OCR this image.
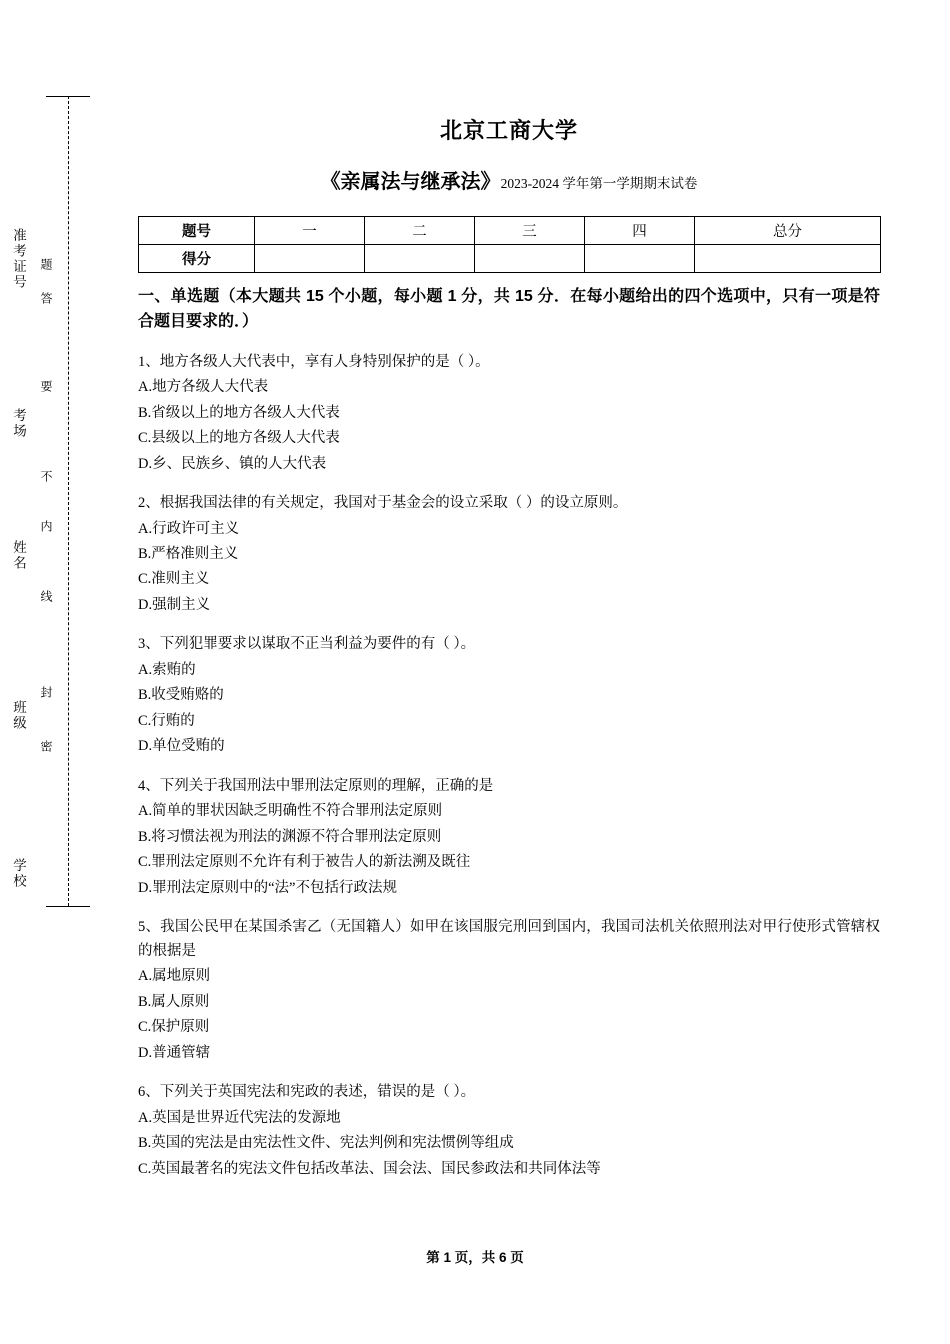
准考证号
考场
姓名
班级
学校
题
答
要
不
内
线
封
密
北京工商大学
《亲属法与继承法》2023-2024 学年第一学期期末试卷
题号	一	二	三	四	总分
得分					
一、单选题（本大题共 15 个小题，每小题 1 分，共 15 分．在每小题给出的四个选项中，只有一项是符合题目要求的．）
1、地方各级人大代表中，享有人身特别保护的是（ ）。
A.地方各级人大代表
B.省级以上的地方各级人大代表
C.县级以上的地方各级人大代表
D.乡、民族乡、镇的人大代表
2、根据我国法律的有关规定，我国对于基金会的设立采取（ ）的设立原则。
A.行政许可主义
B.严格准则主义
C.准则主义
D.强制主义
3、下列犯罪要求以谋取不正当利益为要件的有（ ）。
A.索贿的
B.收受贿赂的
C.行贿的
D.单位受贿的
4、下列关于我国刑法中罪刑法定原则的理解，正确的是
A.简单的罪状因缺乏明确性不符合罪刑法定原则
B.将习惯法视为刑法的渊源不符合罪刑法定原则
C.罪刑法定原则不允许有利于被告人的新法溯及既往
D.罪刑法定原则中的“法”不包括行政法规
5、我国公民甲在某国杀害乙（无国籍人）如甲在该国服完刑回到国内，我国司法机关依照刑法对甲行使形式管辖权的根据是
A.属地原则
B.属人原则
C.保护原则
D.普通管辖
6、下列关于英国宪法和宪政的表述，错误的是（ ）。
A.英国是世界近代宪法的发源地
B.英国的宪法是由宪法性文件、宪法判例和宪法惯例等组成
C.英国最著名的宪法文件包括改革法、国会法、国民参政法和共同体法等
第 1 页，共 6 页
